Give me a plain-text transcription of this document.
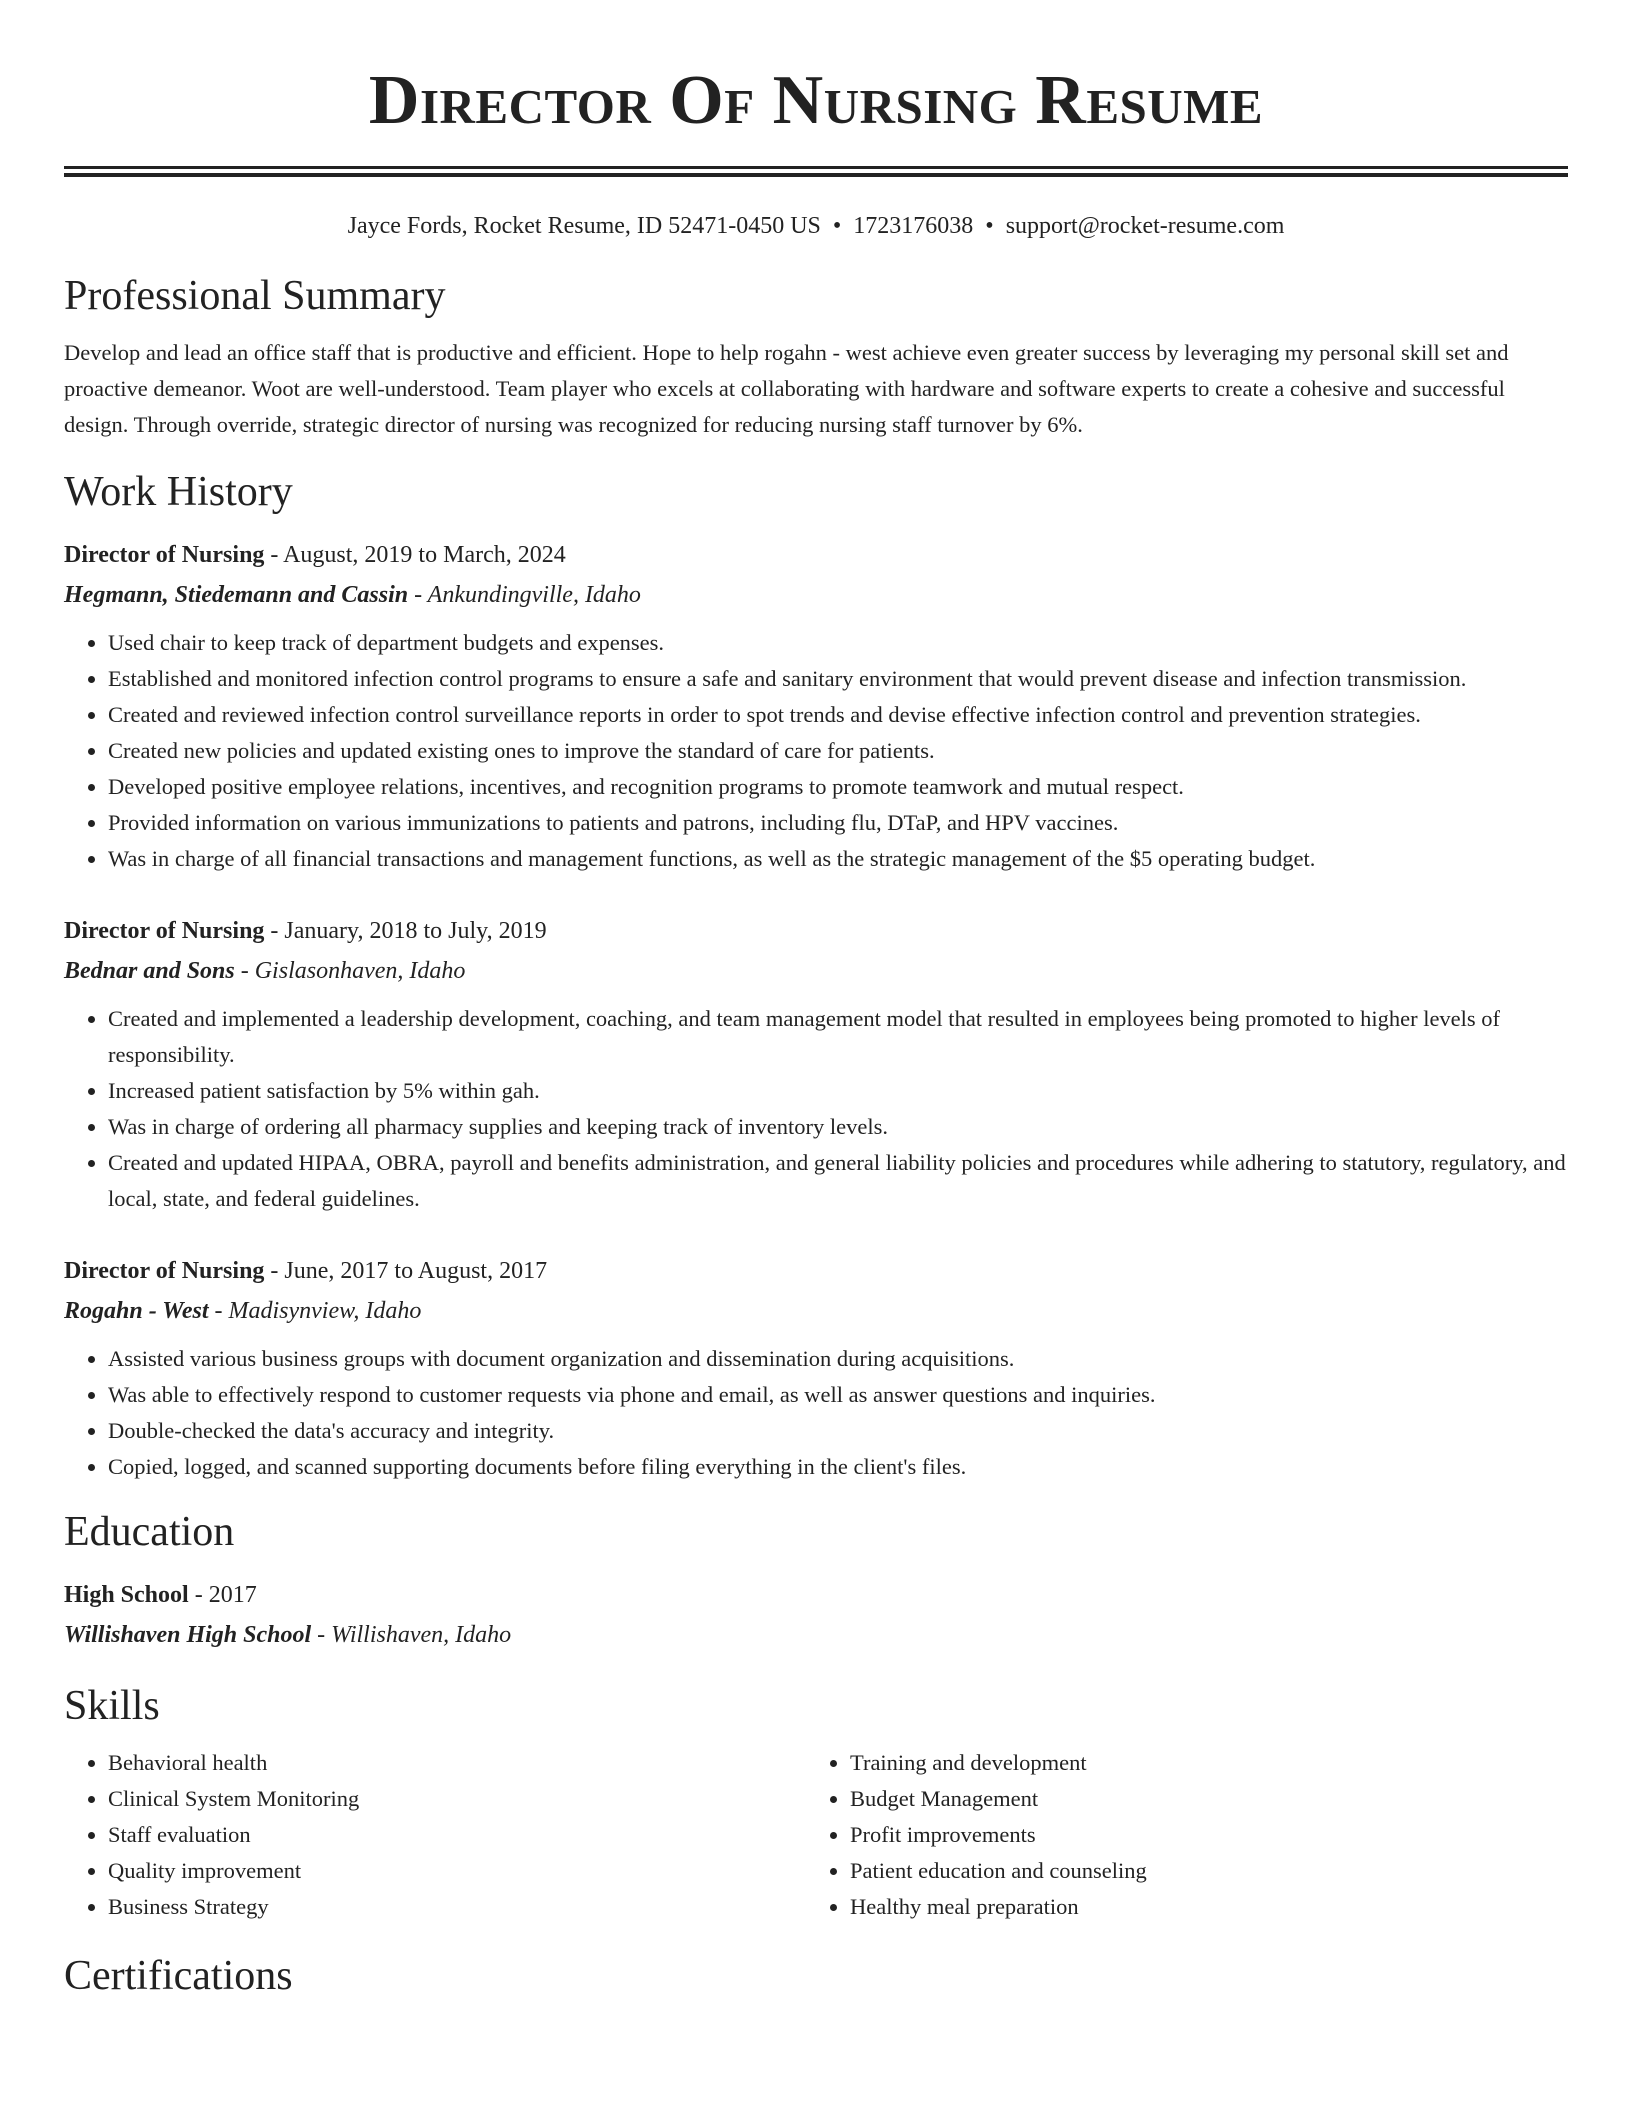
Director Of Nursing Resume
Jayce Fords, Rocket Resume, ID 52471-0450 US • 1723176038 • support@rocket-resume.com
Professional Summary
Develop and lead an office staff that is productive and efficient. Hope to help rogahn - west achieve even greater success by leveraging my personal skill set and proactive demeanor. Woot are well-understood. Team player who excels at collaborating with hardware and software experts to create a cohesive and successful design. Through override, strategic director of nursing was recognized for reducing nursing staff turnover by 6%.
Work History
Director of Nursing - August, 2019 to March, 2024
Hegmann, Stiedemann and Cassin - Ankundingville, Idaho
• Used chair to keep track of department budgets and expenses.
• Established and monitored infection control programs to ensure a safe and sanitary environment that would prevent disease and infection transmission.
• Created and reviewed infection control surveillance reports in order to spot trends and devise effective infection control and prevention strategies.
• Created new policies and updated existing ones to improve the standard of care for patients.
• Developed positive employee relations, incentives, and recognition programs to promote teamwork and mutual respect.
• Provided information on various immunizations to patients and patrons, including flu, DTaP, and HPV vaccines.
• Was in charge of all financial transactions and management functions, as well as the strategic management of the $5 operating budget.
Director of Nursing - January, 2018 to July, 2019
Bednar and Sons - Gislasonhaven, Idaho
• Created and implemented a leadership development, coaching, and team management model that resulted in employees being promoted to higher levels of responsibility.
• Increased patient satisfaction by 5% within gah.
• Was in charge of ordering all pharmacy supplies and keeping track of inventory levels.
• Created and updated HIPAA, OBRA, payroll and benefits administration, and general liability policies and procedures while adhering to statutory, regulatory, and local, state, and federal guidelines.
Director of Nursing - June, 2017 to August, 2017
Rogahn - West - Madisynview, Idaho
• Assisted various business groups with document organization and dissemination during acquisitions.
• Was able to effectively respond to customer requests via phone and email, as well as answer questions and inquiries.
• Double-checked the data's accuracy and integrity.
• Copied, logged, and scanned supporting documents before filing everything in the client's files.
Education
High School - 2017
Willishaven High School - Willishaven, Idaho
Skills
• Behavioral health
• Clinical System Monitoring
• Staff evaluation
• Quality improvement
• Business Strategy
• Training and development
• Budget Management
• Profit improvements
• Patient education and counseling
• Healthy meal preparation
Certifications
